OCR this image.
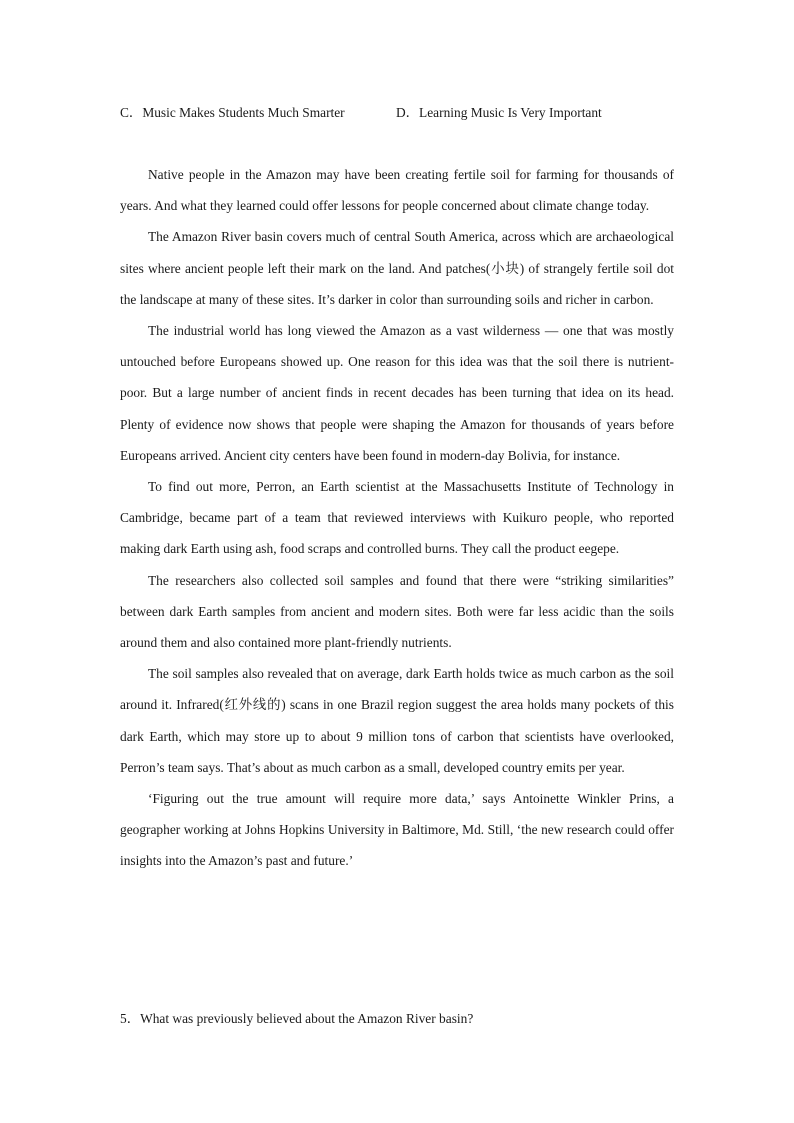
C．Music Makes Students Much Smarter	D．Learning Music Is Very Important

Native people in the Amazon may have been creating fertile soil for farming for thousands of years. And what they learned could offer lessons for people concerned about climate change today.

The Amazon River basin covers much of central South America, across which are archaeological sites where ancient people left their mark on the land. And patches(小块) of strangely fertile soil dot the landscape at many of these sites. It’s darker in color than surrounding soils and richer in carbon.

The industrial world has long viewed the Amazon as a vast wilderness — one that was mostly untouched before Europeans showed up. One reason for this idea was that the soil there is nutrient-poor. But a large number of ancient finds in recent decades has been turning that idea on its head. Plenty of evidence now shows that people were shaping the Amazon for thousands of years before Europeans arrived. Ancient city centers have been found in modern-day Bolivia, for instance.

To find out more, Perron, an Earth scientist at the Massachusetts Institute of Technology in Cambridge, became part of a team that reviewed interviews with Kuikuro people, who reported making dark Earth using ash, food scraps and controlled burns. They call the product eegepe.

The researchers also collected soil samples and found that there were “striking similarities” between dark Earth samples from ancient and modern sites. Both were far less acidic than the soils around them and also contained more plant-friendly nutrients.

The soil samples also revealed that on average, dark Earth holds twice as much carbon as the soil around it. Infrared(红外线的) scans in one Brazil region suggest the area holds many pockets of this dark Earth, which may store up to about 9 million tons of carbon that scientists have overlooked, Perron’s team says. That’s about as much carbon as a small, developed country emits per year.

‘Figuring out the true amount will require more data,’ says Antoinette Winkler Prins, a geographer working at Johns Hopkins University in Baltimore, Md. Still, ‘the new research could offer insights into the Amazon’s past and future.’

5．What was previously believed about the Amazon River basin?
